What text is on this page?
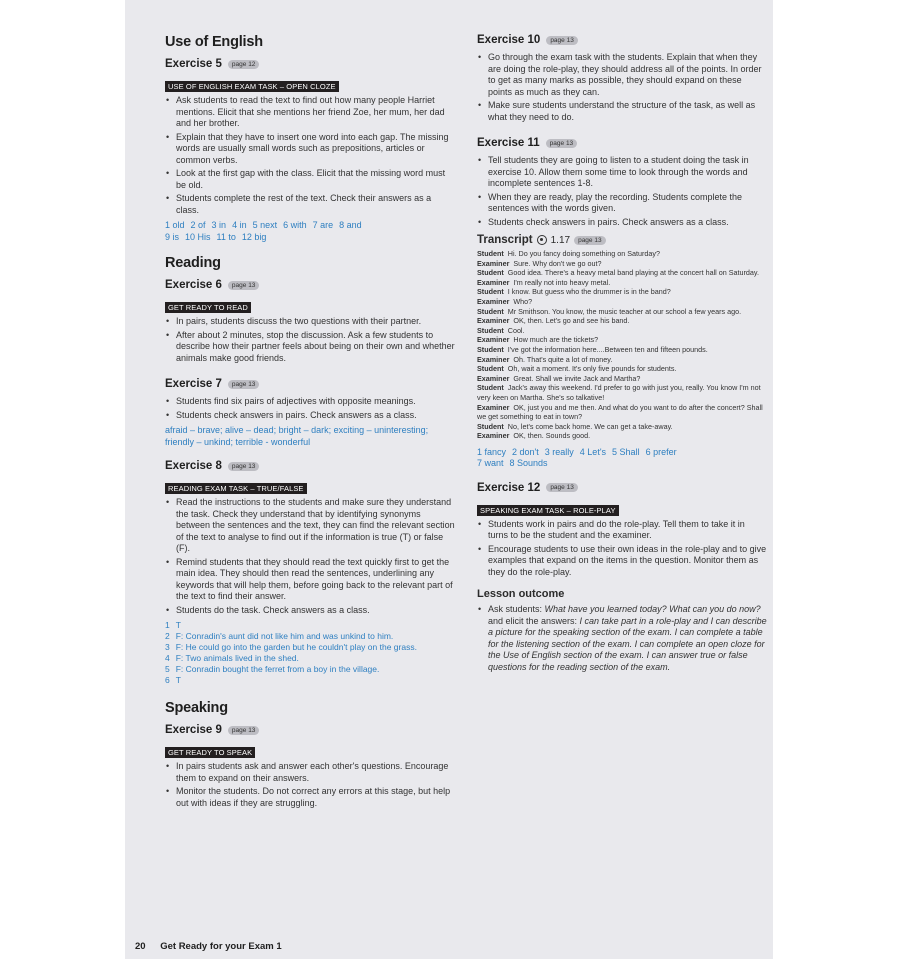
Use of English
Exercise 5	page 12
USE OF ENGLISH EXAM TASK – OPEN CLOZE
• Ask students to read the text to find out how many people Harriet mentions. Elicit that she mentions her friend Zoe, her mum, her dad and her brother.
• Explain that they have to insert one word into each gap. The missing words are usually small words such as prepositions, articles or common verbs.
• Look at the first gap with the class. Elicit that the missing word must be old.
• Students complete the rest of the text. Check their answers as a class.
1 old 2 of 3 in 4 in 5 next 6 with 7 are 8 and
9 is 10 His 11 to 12 big
Reading
Exercise 6	page 13
GET READY TO READ
• In pairs, students discuss the two questions with their partner.
• After about 2 minutes, stop the discussion. Ask a few students to describe how their partner feels about being on their own and whether animals make good friends.
Exercise 7	page 13
• Students find six pairs of adjectives with opposite meanings.
• Students check answers in pairs. Check answers as a class.
afraid – brave; alive – dead; bright – dark; exciting – uninteresting; friendly – unkind; terrible - wonderful
Exercise 8	page 13
READING EXAM TASK – TRUE/FALSE
• Read the instructions to the students and make sure they understand the task. Check they understand that by identifying synonyms between the sentences and the text, they can find the relevant section of the text to analyse to find out if the information is true (T) or false (F).
• Remind students that they should read the text quickly first to get the main idea. They should then read the sentences, underlining any keywords that will help them, before going back to the relevant part of the text to find their answer.
• Students do the task. Check answers as a class.
1 T
2 F: Conradin's aunt did not like him and was unkind to him.
3 F: He could go into the garden but he couldn't play on the grass.
4 F: Two animals lived in the shed.
5 F: Conradin bought the ferret from a boy in the village.
6 T
Speaking
Exercise 9	page 13
GET READY TO SPEAK
• In pairs students ask and answer each other's questions. Encourage them to expand on their answers.
• Monitor the students. Do not correct any errors at this stage, but help out with ideas if they are struggling.
Exercise 10	page 13
• Go through the exam task with the students. Explain that when they are doing the role-play, they should address all of the points. In order to get as many marks as possible, they should expand on these points as much as they can.
• Make sure students understand the structure of the task, as well as what they need to do.
Exercise 11	page 13
• Tell students they are going to listen to a student doing the task in exercise 10. Allow them some time to look through the words and incomplete sentences 1-8.
• When they are ready, play the recording. Students complete the sentences with the words given.
• Students check answers in pairs. Check answers as a class.
Transcript 1.17	page 13

Student Hi. Do you fancy doing something on Saturday?

Examiner Sure. Why don't we go out?

Student Good idea. There's a heavy metal band playing at the concert hall on Saturday.

Examiner I'm really not into heavy metal.

Student I know. But guess who the drummer is in the band?

Examiner Who?

Student Mr Smithson. You know, the music teacher at our school a few years ago.

Examiner OK, then. Let's go and see his band.

Student Cool.

Examiner How much are the tickets?

Student I've got the information here....Between ten and fifteen pounds.

Examiner Oh. That's quite a lot of money.

Student Oh, wait a moment. It's only five pounds for students.

Examiner Great. Shall we invite Jack and Martha?

Student Jack's away this weekend. I'd prefer to go with just you, really. You know I'm not very keen on Martha. She's so talkative!

Examiner OK, just you and me then. And what do you want to do after the concert? Shall we get something to eat in town?

Student No, let's come back home. We can get a take-away.

Examiner OK, then. Sounds good.

1 fancy 2 don't 3 really 4 Let's 5 Shall 6 prefer
7 want 8 Sounds
Exercise 12	page 13
SPEAKING EXAM TASK – ROLE-PLAY
• Students work in pairs and do the role-play. Tell them to take it in turns to be the student and the examiner.
• Encourage students to use their own ideas in the role-play and to give examples that expand on the items in the question. Monitor them as they do the role-play.
Lesson outcome
• Ask students: What have you learned today? What can you do now? and elicit the answers: I can take part in a role-play and I can describe a picture for the speaking section of the exam. I can complete a table for the listening section of the exam. I can complete an open cloze for the Use of English section of the exam. I can answer true or false questions for the reading section of the exam.
20 Get Ready for your Exam 1
